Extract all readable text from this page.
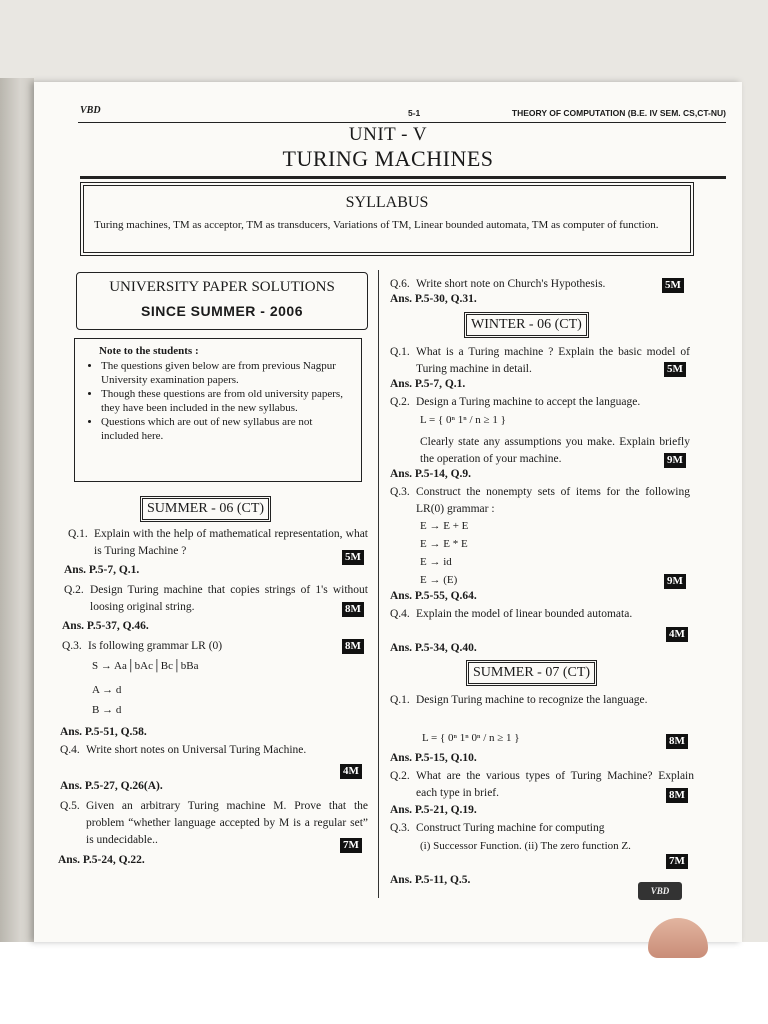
VBD	5-1	THEORY OF COMPUTATION (B.E. IV SEM. CS,CT-NU)
UNIT - V
TURING MACHINES
SYLLABUS

Turing machines, TM as acceptor, TM as transducers, Variations of TM, Linear bounded automata, TM as computer of function.

UNIVERSITY PAPER SOLUTIONS
SINCE SUMMER - 2006
Note to the students :
• The questions given below are from previous Nagpur University examination papers.
• Though these questions are from old university papers, they have been included in the new syllabus.
• Questions which are out of new syllabus are not included here.
SUMMER - 06 (CT)
Q.1. Explain with the help of mathematical representation, what is Turing Machine ?	5M
Ans. P.5-7, Q.1.
Q.2. Design Turing machine that copies strings of 1's without loosing original string.	8M
Ans. P.5-37, Q.46.
Q.3. Is following grammar LR (0)	8M
S → Aa│bAc│Bc│bBa
A → d
B → d
Ans. P.5-51, Q.58.
Q.4. Write short notes on Universal Turing Machine.
4M
Ans. P.5-27, Q.26(A).
Q.5. Given an arbitrary Turing machine M. Prove that the problem “whether language accepted by M is a regular set” is undecidable..	7M
Ans. P.5-24, Q.22.
Q.6. Write short note on Church's Hypothesis.	5M
Ans. P.5-30, Q.31.
WINTER - 06 (CT)
Q.1. What is a Turing machine ? Explain the basic model of Turing machine in detail.	5M
Ans. P.5-7, Q.1.
Q.2. Design a Turing machine to accept the language.
L = { 0ⁿ 1ⁿ / n ≥ 1 }
Clearly state any assumptions you make. Explain briefly the operation of your machine.	9M
Ans. P.5-14, Q.9.
Q.3. Construct the nonempty sets of items for the following LR(0) grammar :
E → E + E
E → E * E
E → id
E → (E)	9M
Ans. P.5-55, Q.64.
Q.4. Explain the model of linear bounded automata.
4M
Ans. P.5-34, Q.40.
SUMMER - 07 (CT)
Q.1. Design Turing machine to recognize the language.
L = { 0ⁿ 1ⁿ 0ⁿ / n ≥ 1 }	8M
Ans. P.5-15, Q.10.
Q.2. What are the various types of Turing Machine? Explain each type in brief.	8M
Ans. P.5-21, Q.19.
Q.3. Construct Turing machine for computing
(i) Successor Function. (ii) The zero function Z.
7M
Ans. P.5-11, Q.5.
VBD
